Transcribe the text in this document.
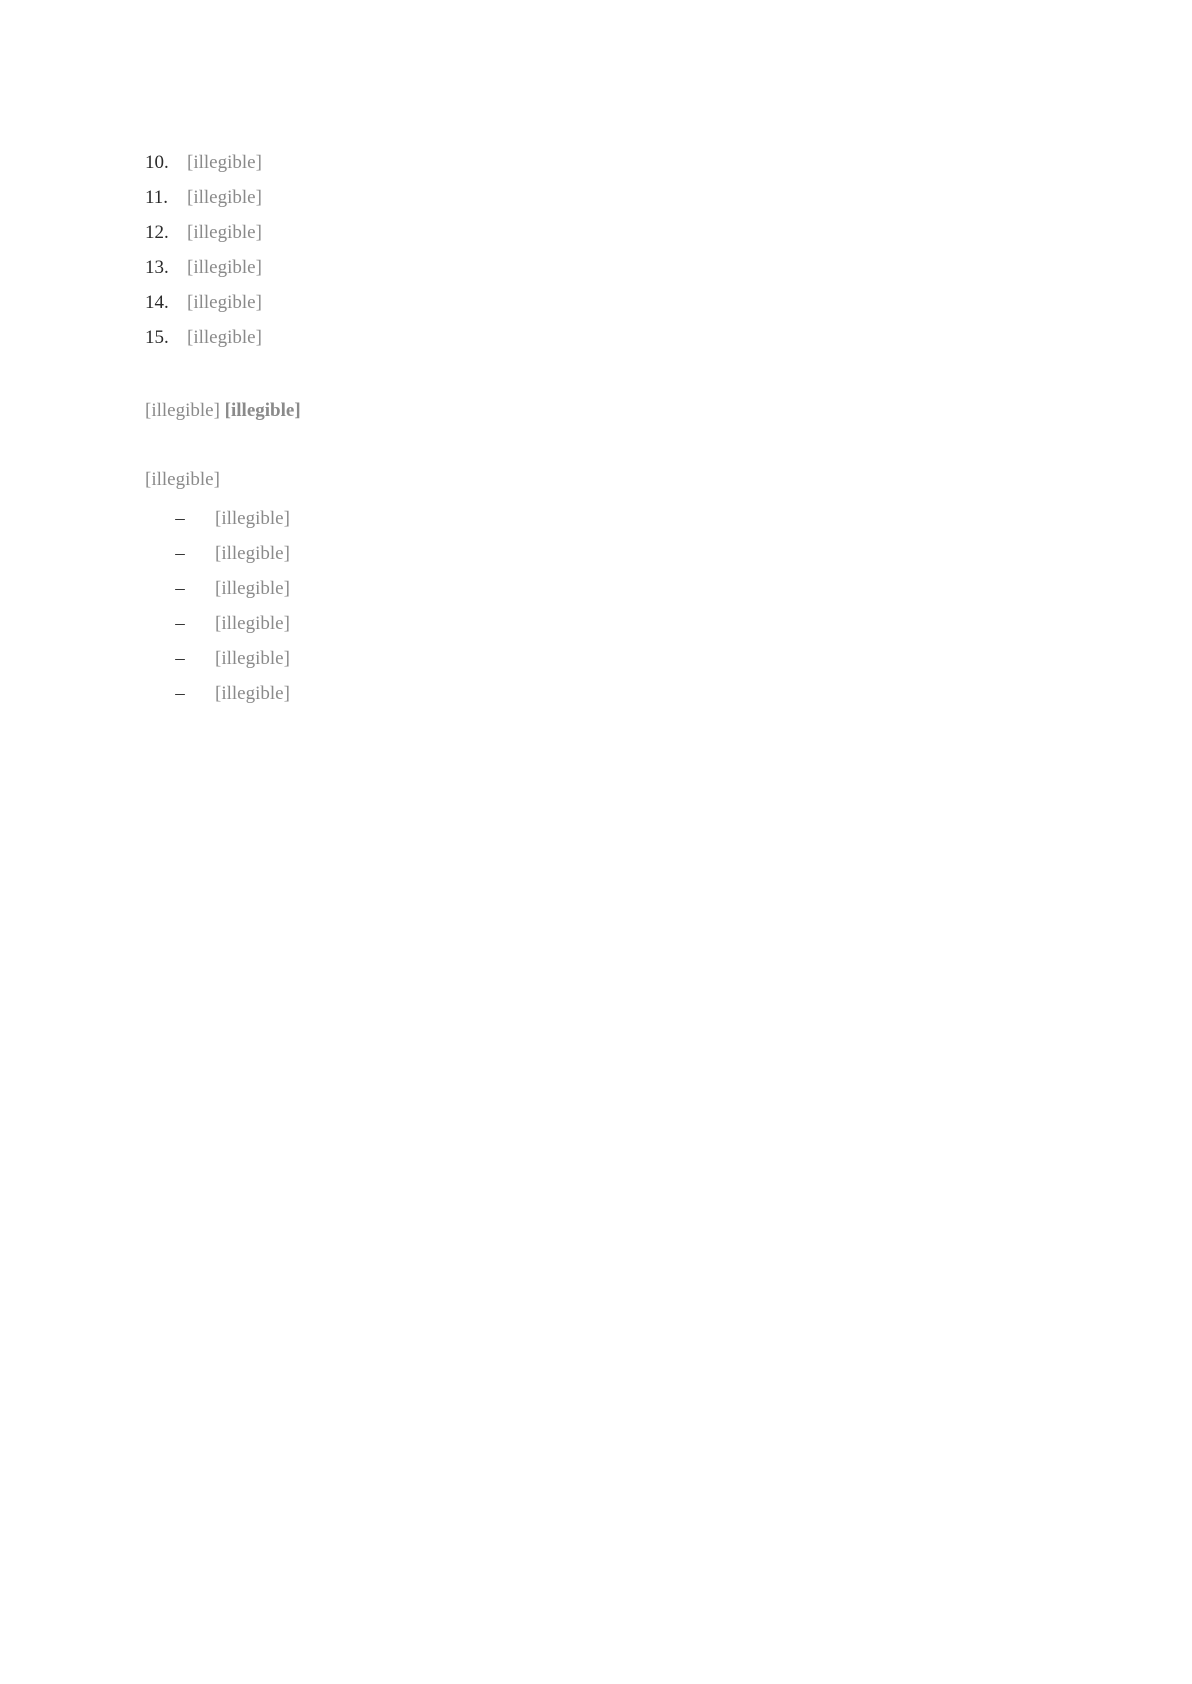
10. [illegible]
11. [illegible]
12. [illegible]
13. [illegible]
14. [illegible]
15. [illegible]

[illegible] [illegible]

[illegible]

–	[illegible]
–	[illegible]
–	[illegible]
–	[illegible]
–	[illegible]
–	[illegible]
